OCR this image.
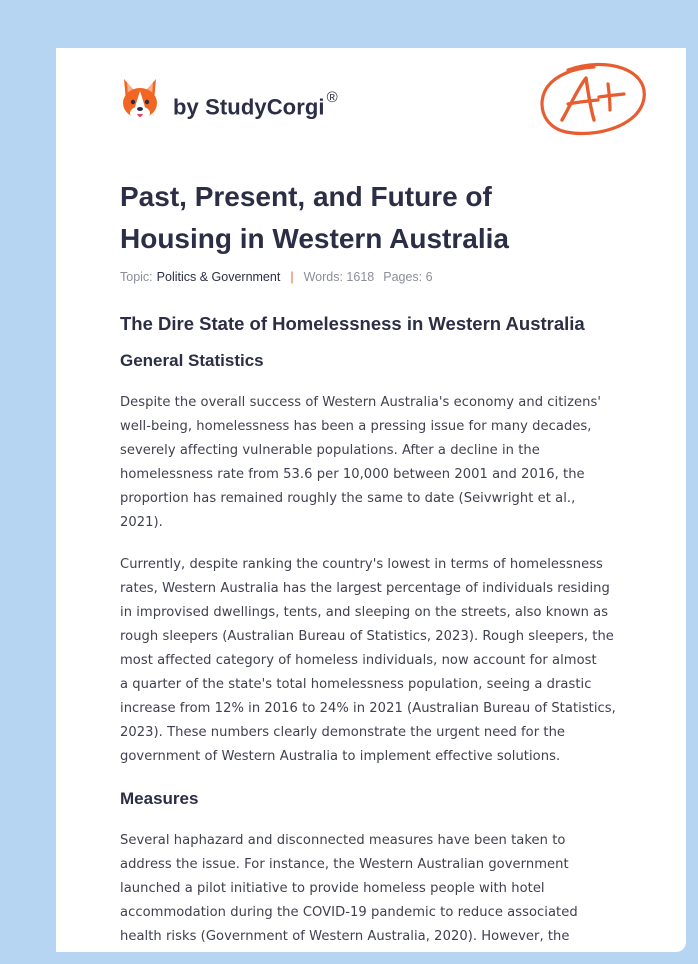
by StudyCorgi ®
Past, Present, and Future of Housing in Western Australia
Topic: Politics & Government | Words: 1618 Pages: 6
The Dire State of Homelessness in Western Australia
General Statistics

Despite the overall success of Western Australia's economy and citizens'
well-being, homelessness has been a pressing issue for many decades,
severely affecting vulnerable populations. After a decline in the
homelessness rate from 53.6 per 10,000 between 2001 and 2016, the
proportion has remained roughly the same to date (Seivwright et al.,
2021).

Currently, despite ranking the country's lowest in terms of homelessness
rates, Western Australia has the largest percentage of individuals residing
in improvised dwellings, tents, and sleeping on the streets, also known as
rough sleepers (Australian Bureau of Statistics, 2023). Rough sleepers, the
most affected category of homeless individuals, now account for almost
a quarter of the state's total homelessness population, seeing a drastic
increase from 12% in 2016 to 24% in 2021 (Australian Bureau of Statistics,
2023). These numbers clearly demonstrate the urgent need for the
government of Western Australia to implement effective solutions.

Measures

Several haphazard and disconnected measures have been taken to
address the issue. For instance, the Western Australian government
launched a pilot initiative to provide homeless people with hotel
accommodation during the COVID-19 pandemic to reduce associated
health risks (Government of Western Australia, 2020). However, the
